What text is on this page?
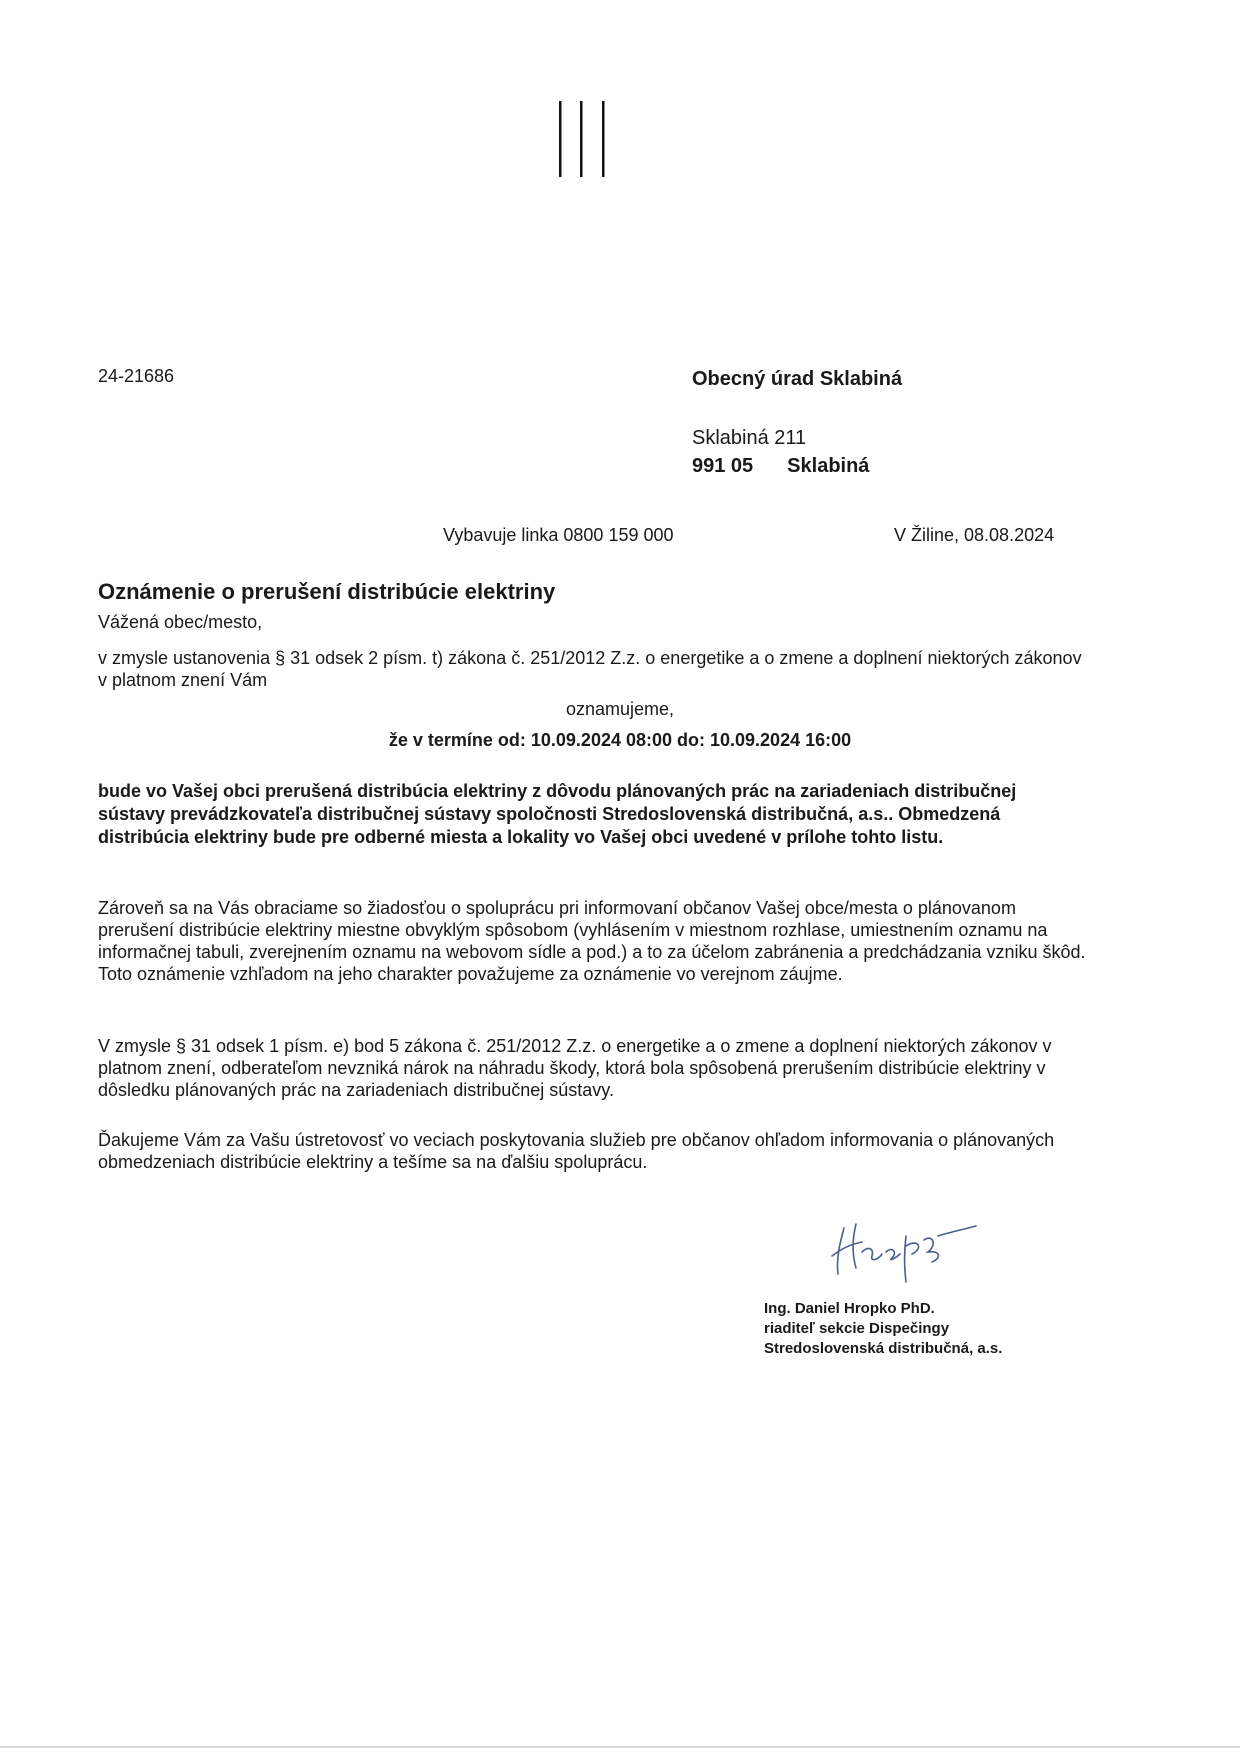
24-21686	Obecný úrad Sklabiná
Sklabiná 211
991 05 Sklabiná
Vybavuje linka 0800 159 000	V Žiline, 08.08.2024
Oznámenie o prerušení distribúcie elektriny
Vážená obec/mesto,

v zmysle ustanovenia § 31 odsek 2 písm. t) zákona č. 251/2012 Z.z. o energetike a o zmene a doplnení niektorých zákonov v platnom znení Vám

oznamujeme,
že v termíne od: 10.09.2024 08:00 do: 10.09.2024 16:00

bude vo Vašej obci prerušená distribúcia elektriny z dôvodu plánovaných prác na zariadeniach distribučnej sústavy prevádzkovateľa distribučnej sústavy spoločnosti Stredoslovenská distribučná, a.s.. Obmedzená distribúcia elektriny bude pre odberné miesta a lokality vo Vašej obci uvedené v prílohe tohto listu.

Zároveň sa na Vás obraciame so žiadosťou o spoluprácu pri informovaní občanov Vašej obce/mesta o plánovanom prerušení distribúcie elektriny miestne obvyklým spôsobom (vyhlásením v miestnom rozhlase, umiestnením oznamu na informačnej tabuli, zverejnením oznamu na webovom sídle a pod.) a to za účelom zabránenia a predchádzania vzniku škôd.
Toto oznámenie vzhľadom na jeho charakter považujeme za oznámenie vo verejnom záujme.

V zmysle § 31 odsek 1 písm. e) bod 5 zákona č. 251/2012 Z.z. o energetike a o zmene a doplnení niektorých zákonov v platnom znení, odberateľom nevzniká nárok na náhradu škody, ktorá bola spôsobená prerušením distribúcie elektriny v dôsledku plánovaných prác na zariadeniach distribučnej sústavy.

Ďakujeme Vám za Vašu ústretovosť vo veciach poskytovania služieb pre občanov ohľadom informovania o plánovaných obmedzeniach distribúcie elektriny a tešíme sa na ďalšiu spoluprácu.

Ing. Daniel Hropko PhD.
riaditeľ sekcie Dispečingy
Stredoslovenská distribučná, a.s.
